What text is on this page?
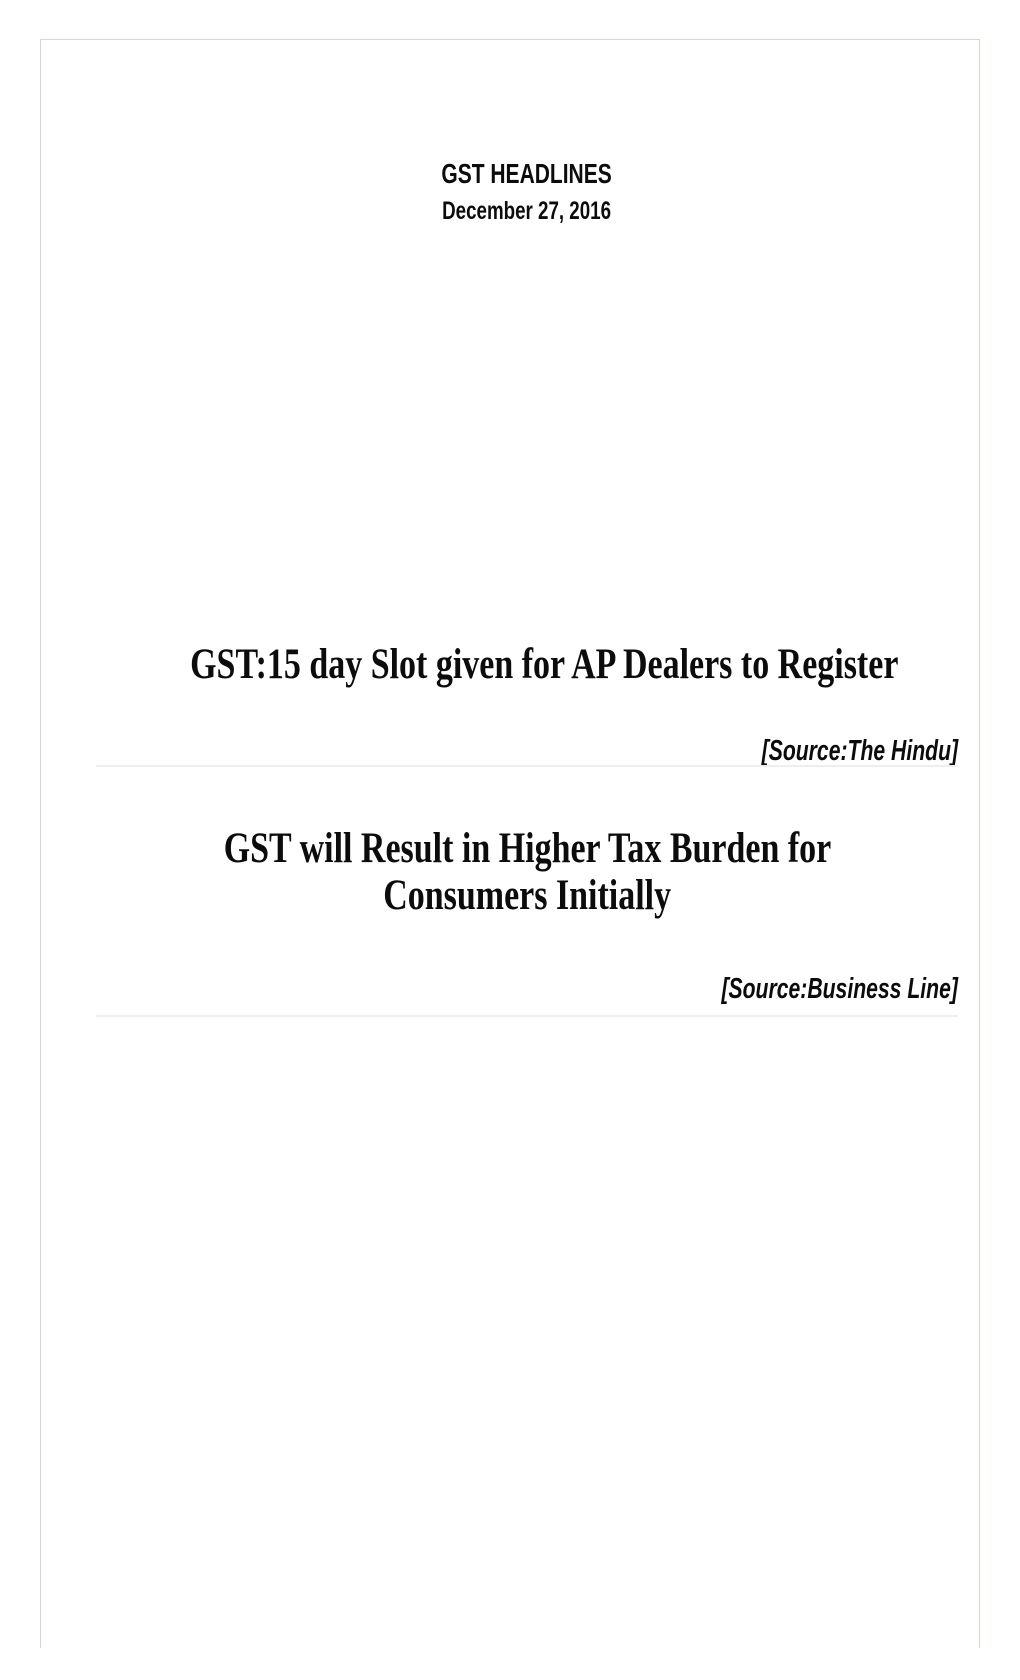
GST HEADLINES
December 27, 2016
GST:15 day Slot given for AP Dealers to Register
[Source:The Hindu]
GST will Result in Higher Tax Burden for
Consumers Initially
[Source:Business Line]
